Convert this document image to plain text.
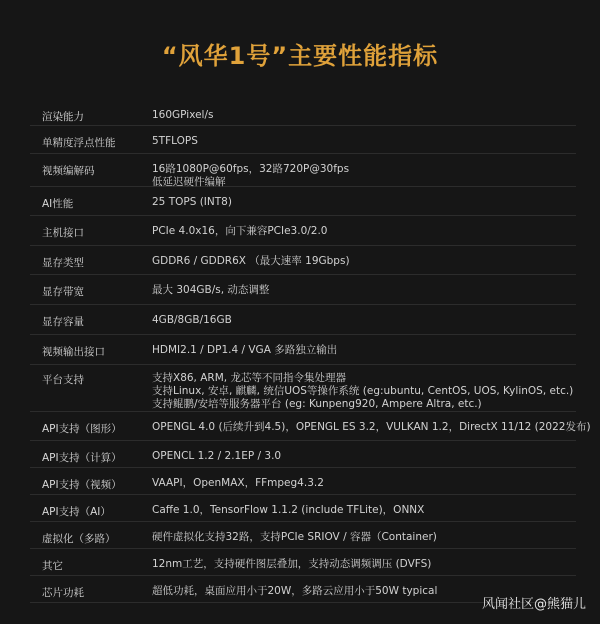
“风华1号”主要性能指标
渲染能力	160GPixel/s
单精度浮点性能	5TFLOPS
视频编解码	16路1080P@60fps，32路720P@30fps
低延迟硬件编解
AI性能	25 TOPS (INT8)
主机接口	PCIe 4.0x16，向下兼容PCIe3.0/2.0
显存类型	GDDR6 / GDDR6X （最大速率 19Gbps)
显存带宽	最大 304GB/s, 动态调整
显存容量	4GB/8GB/16GB
视频输出接口	HDMI2.1 / DP1.4 / VGA 多路独立输出
平台支持	支持X86, ARM, 龙芯等不同指令集处理器
支持Linux, 安卓, 麒麟, 统信UOS等操作系统 (eg:ubuntu, CentOS, UOS, KylinOS, etc.)
支持鲲鹏/安培等服务器平台 (eg: Kunpeng920, Ampere Altra, etc.)
API支持（图形）	OPENGL 4.0 (后续升到4.5)，OPENGL ES 3.2，VULKAN 1.2，DirectX 11/12 (2022发布)
API支持（计算）	OPENCL 1.2 / 2.1EP / 3.0
API支持（视频）	VAAPI，OpenMAX，FFmpeg4.3.2
API支持（AI）	Caffe 1.0，TensorFlow 1.1.2 (include TFLite)，ONNX
虚拟化（多路）	硬件虚拟化支持32路，支持PCIe SRIOV / 容器（Container)
其它	12nm工艺，支持硬件图层叠加，支持动态调频调压 (DVFS)
芯片功耗	超低功耗，桌面应用小于20W，多路云应用小于50W typical
风闻社区@熊猫儿
